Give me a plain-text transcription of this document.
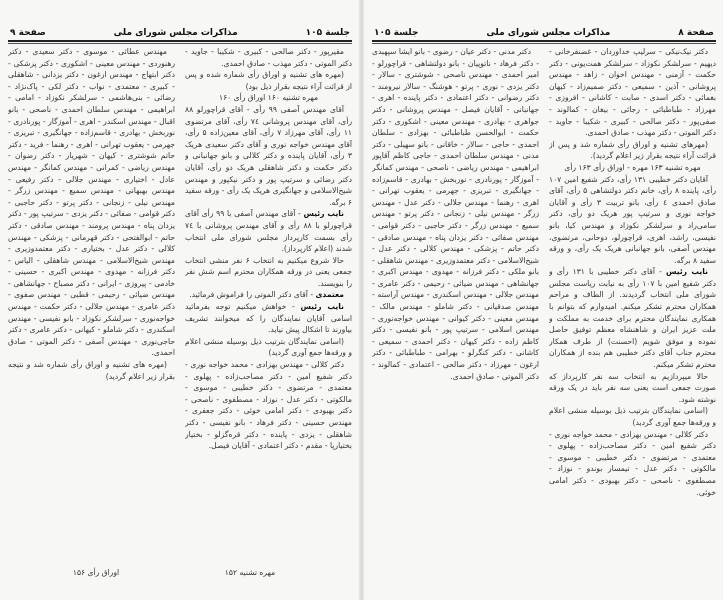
جلسة ۱۰۵
مذاکرات مجلس شورای ملی
صفحة ۹

مقیرپور - دکتر صالحی - کبیری - شکیبا - جاوید - دکتر الموتی - دکتر مهذب - صادق احمدی.

(مهره های تشنیه و اوراق رأی شماره شده و پس از قرائت آراء نتیجه بقرار ذیل بود)

مهره تشنیه ۱۶۰ اوراق رأی ۱۶۰

آقای مهندس آصفی ۹۹ رأی - آقای قراچورلو ۸۸ رأی، آقای مهندس پروشانی ۷٤ رأی، آقای مرتضوی ۱۱ رأی، آقای مهرزاد ۷ رأی، آقای معین‌زاده ۵ رأی، آقای مهندس خواجه نوری و آقای دکتر سعیدی هریک ۳ رأی، آقایان پاینده و دکتر کلالی و بانو جهانبانی و دکتر حکمت و دکتر شاهقلی هریک دو رأی، آقایان دکتر رضائی و سرتیپ پور و دکتر نیکپور و مهندس شیخ‌الاسلامی و جهانگیری هریک یک رأی - ورقه سفید ۶ برگه.

نایب رئیس - آقای مهندس آصفی با ۹۹ رأی آقای قراچورلو با ۸۸ رأی و آقای مهندس پروشانی با ۷٤ رأی بسمت کارپرداز مجلس شورای ملی انتخاب شدند (اعلام کارپرداز).

حالا شروع میکنیم به انتخاب ۶ نفر منشی انتخاب جمعی یعنی در ورقه همکاران محترم اسم شش نفر را بنویسند.

معتمدی - آقای دکتر الموتی را فراموش فرمائید.

نایب رئیس - خواهش میکنیم توجه بفرمائید اسامی آقایان نمایندگان را که میخوانند تشریف بیاورند تا اشکال پیش نیاید.

(اسامی نمایندگان بترتیب ذیل بوسیله منشی اعلام و ورقه‌ها جمع آوری گردید)

دکتر کلالی - مهندس بهزادی - محمد خواجه نوری - دکتر شفیع امین - دکتر مصاحب‌زاده - پهلوی - معتمدی - مرتضوی - دکتر خطیبی - موسوی - مالکوتی - دکتر عدل - نوزاد - مصطفوی - ناصحی - دکتر بهبودی - دکتر امامی خوئی - دکتر جعفری - مهندس حسینی - دکتر فرهاد - بانو نفیسی - دکتر شاهقلی - یزدی - پاینده - دکتر قره‌گزلو - بختیار بختیارپا - مقدم - دکتر اعتمادی - آقایان فیصل.

مهندس عطائی - موسوی - دکتر سعیدی - دکتر رهنوردی - مهندس معینی - اشکوری - دکتر پزشکی - دکتر ابتهاج - مهندس ارغون - دکتر یزدانی - شاهقلی - کبیری - معتمدی - نواب - دکتر لکی - پاک‌نژاد - رضائی - بنی‌هاشمی - سرلشکر نکوزاد - امامی - ابراهیمی - مهندس سلطان احمدی - ناصحی - بانو اقبال - مهندس اسکندر - اهری - آموزگار - پورنادری - نوربخش - بهادری - قاسم‌زاده - جهانگیری - تبریزی - جهرمی - یعقوب تهرانی - اهری - رهنما - فرید - دکتر حاتم شوشتری - کیهان - شهریار - دکتر رضوان - مهندس ریاضی - کمرانی - مهندس کمانگر - مهندس عادل - اختیاری - مهندس جلالی - دکتر رفیعی - مهندس بهبهانی - مهندس سمیع - مهندس زرگر - مهندس نیلی - زنجانی - دکتر پرتو - دکتر حاجبی - دکتر قوامی - صفائی - دکتر یزدی - سرتیپ پور - دکتر یزدان پناه - مهندس پرومند - مهندس صادقی - دکتر حاتم - ابوالفتحی - دکتر قهرمانی - پزشکی - مهندس کلالی - دکتر عدل - بختیاری - دکتر معتمدوزیری - مهندس شیخ‌الاسلامی - مهندس شاهقلی - الیاس - دکتر فرزانه - مهدوی - مهندس اکبری - حسینی - خادمی - پیروزی - ایرانی - دکتر مصباح - جهانشاهی - مهندس ضیائی - رحیمی - قطبی - مهندس صفوی - دکتر عامری - مهندس جلالی - دکتر حکمت - مهندس خواجه‌نوری - سرلشکر نکوزاد - بانو نفیسی - مهندس اسکندری - دکتر شاملو - کیهانی - دکتر عامری - دکتر حاجی‌نوری - مهندس آصفی - دکتر الموتی - صادق احمدی.

(مهره های تشنیه و اوراق رأی شماره شد و نتیجه بقرار زیر اعلام گردید)

مهره تشنیه ۱۵۲
اوراق رأی ۱۵۶
صفحة ۸
مذاکرات مجلس شورای ملی
جلسة ۱۰۵

دکتر نیک‌نیکی - سرلیپ خداوردان - غضنفرخانی - دیهیم - سرلشکر نکوزاد - سرلشکر همت‌یونی - دکتر حکمت - آزمنی - مهندس اخوان - زاهد - مهندس پروشانی - آذین - سمیعی - دکتر صمیم‌زاد - کیهان بغمائی - دکتر اسدی - صابت - کاشانی - افروزی - مهرزاد - طباطبائی - رجائی - بیغان - کمالوند - صفی‌پور - دکتر صالحی - کبیری - شکیبا - جاوید - دکتر الموتی - دکتر مهذب - صادق احمدی.

(مهرهای تشنیه و اوراق رأی شماره شد و پس از قرائت آراء نتیجه بقرار زیر اعلام گردید).

مهره تشنیه ۱۶۳ مهره - اوراق رأی ۱۶۳ رأی

آقایان دکتر خطیبی ۱۳۱ رأی، دکتر شفیع امین ۱۰۷ رأی، پاینده ۸ رأی، خانم دکتر دولتشاهی ۵ رأی، آقای صادق احمدی ٤ رأی، بانو تربیت ۳ رأی و آقایان خواجه نوری و سرتیپ پور هریک دو رأی، دکتر سامی‌راد و سرلشکر نکوزاد و مهندس کیا، بانو نفیسی، راشد، اهری، قراچورلو، دوحانی، مرتضوی، مهندس آصفی، بانو جهانبانی هریک یک رأی، و ورقه سفید ۸ برگه.

نایب رئیس - آقای دکتر خطیبی با ۱۳۱ رأی و دکتر شفیع امین با ۱۰۷ رأی به نیابت ریاست مجلس شورای ملی انتخاب گردیدند. از الطاف و مراحم همکاران محترم تشکر میکنم. امیدوارم که بتوانم با همکاری نمایندگان محترم برای خدمت به مملکت و ملت عزیز ایران و شاهنشاه معظم توفیق حاصل نموده و موفق شویم (احسنت) از طرف همکار محترم جناب آقای دکتر خطیبی هم بنده از همکاران محترم تشکر میکنم.

حالا میپردازیم به انتخاب سه نفر کارپرداز که صورت جمعی است یعنی سه نفر باید در یک ورقه نوشته شود.

(اسامی نمایندگان بترتیب ذیل بوسیله منشی اعلام و ورقه‌ها جمع آوری گردید)

دکتر کلالی - مهندس بهزادی - محمد خواجه نوری - دکتر شفیع امین - دکتر مصاحب‌زاده - پهلوی - معتمدی - مرتضوی - دکتر خطیبی - موسوی - مالکوتی - دکتر عدل - تیمسار بوندو - نوزاد - مصطفوی - ناصحی - دکتر بهبودی - دکتر امامی خوئی.

دکتر مدنی - دکتر عیان - رضوی - بانو ایشا سپهبدی - دکتر فرهاد - ناتوپیان - بانو دولتشاهی - قراچورلو - امیر احمدی - مهندس ناصحی - شوشتری - سالار - دکتر یزدی - نوری - پرتو - هوشنگ - سالار نیرومند - دکتر رضوانی - دکتر اعتمادی - دکتر پاینده - اهری - جهانبانی - آقایان فیصل - مهندس پروشانی - دکتر جواهری - بهادری - مهندس معینی - اشکوری - دکتر حکمت - ابوالحسن طباطبائی - بهزادی - سلطان احمدی - حاجی - سالار - خاقانی - بانو سهیلی - دکتر مدنی - مهندس سلطان احمدی - حاجی کاظم آقاپور ابراهیمی - مهندس ریاضی - ناصحی - مهندس کمانگر - آموزگار - پورنادری - نوربخش - بهادری - قاسم‌زاده - جهانگیری - تبریزی - جهرمی - یعقوب تهرانی - اهری - رهنما - مهندس جلالی - دکتر عدل - مهندس زرگر - مهندس نیلی - زنجانی - دکتر پرتو - مهندس سمیع - مهندس زرگر - دکتر حاجبی - دکتر قوامی - مهندس صفائی - دکتر یزدان پناه - مهندس صادقی - دکتر حاتم - پزشکی - مهندس کلالی - دکتر عدل - شیخ‌الاسلامی - دکتر معتمدوزیری - مهندس شاهقلی - بانو ملکی - دکتر فرزانه - مهدوی - مهندس اکبری - جهانشاهی - مهندس ضیائی - رحیمی - دکتر عامری - مهندس جلالی - مهندس اسکندری - مهندس آراسته - مهندس صدقیانی - دکتر شاملو - مهندس مالک - مهندس معینی - دکتر کیوانی - مهندس خواجه‌نوری - مهندس اسلامی - سرتیپ پور - بانو نفیسی - دکتر کاظم زاده - دکتر کیهان - دکتر احمدی - سمیعی - کاشانی - دکتر کنگرلو - بهرامی - طباطبائی - دکتر ارغون - مهرزاد - دکتر صالحی - اعتمادی - کمالوند - دکتر الموتی - صادق احمدی.
